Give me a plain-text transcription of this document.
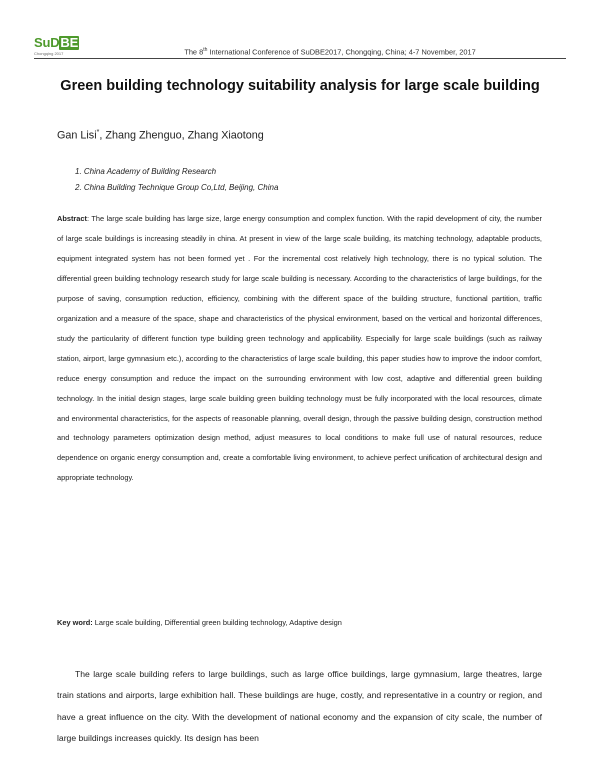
SuDBE
Chongqing 2017	The 8th International Conference of SuDBE2017, Chongqing, China; 4-7 November, 2017
Green building technology suitability analysis for large scale building
Gan Lisi*, Zhang Zhenguo, Zhang Xiaotong
1. China Academy of Building Research
2. China Building Technique Group Co,Ltd, Beijing, China
Abstract: The large scale building has large size, large energy consumption and complex function. With the rapid development of city, the number of large scale buildings is increasing steadily in china. At present in view of the large scale building, its matching technology, adaptable products, equipment integrated system has not been formed yet . For the incremental cost relatively high technology, there is no typical solution. The differential green building technology research study for large scale building is necessary. According to the characteristics of large buildings, for the purpose of saving, consumption reduction, efficiency, combining with the different space of the building structure, functional partition, traffic organization and a measure of the space, shape and characteristics of the physical environment, based on the vertical and horizontal differences, study the particularity of different function type building green technology and applicability. Especially for large scale buildings (such as railway station, airport, large gymnasium etc.), according to the characteristics of large scale building, this paper studies how to improve the indoor comfort, reduce energy consumption and reduce the impact on the surrounding environment with low cost, adaptive and differential green building technology. In the initial design stages, large scale building green building technology must be fully incorporated with the local resources, climate and environmental characteristics, for the aspects of reasonable planning, overall design, through the passive building design, construction method and technology parameters optimization design method, adjust measures to local conditions to make full use of natural resources, reduce dependence on organic energy consumption and, create a comfortable living environment, to achieve perfect unification of architectural design and appropriate technology.
Key word: Large scale building, Differential green building technology, Adaptive design
The large scale building refers to large buildings, such as large office buildings, large gymnasium, large theatres, large train stations and airports, large exhibition hall. These buildings are huge, costly, and representative in a country or region, and have a great influence on the city. With the development of national economy and the expansion of city scale, the number of large buildings increases quickly. Its design has been
